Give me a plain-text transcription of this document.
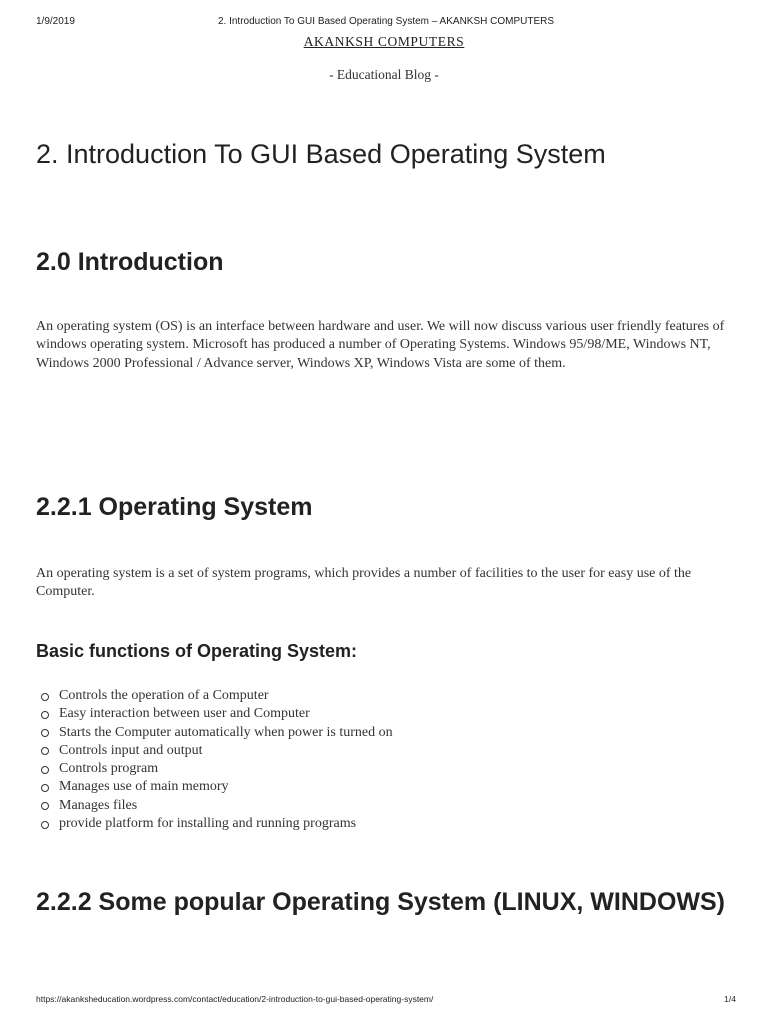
1/9/2019	2. Introduction To GUI Based Operating System – AKANKSH COMPUTERS
AKANKSH COMPUTERS
- Educational Blog -
2. Introduction To GUI Based Operating System
2.0 Introduction

An operating system (OS) is an interface between hardware and user. We will now discuss various user friendly features of windows operating system. Microsoft has produced a number of Operating Systems. Windows 95/98/ME, Windows NT, Windows 2000 Professional / Advance server, Windows XP, Windows Vista are some of them.

2.2.1 Operating System

An operating system is a set of system programs, which provides a number of facilities to the user for easy use of the Computer.

Basic functions of Operating System:
Controls the operation of a Computer
Easy interaction between user and Computer
Starts the Computer automatically when power is turned on
Controls input and output
Controls program
Manages use of main memory
Manages files
provide platform for installing and running programs
2.2.2 Some popular Operating System (LINUX, WINDOWS)
https://akanksheducation.wordpress.com/contact/education/2-introduction-to-gui-based-operating-system/	1/4
